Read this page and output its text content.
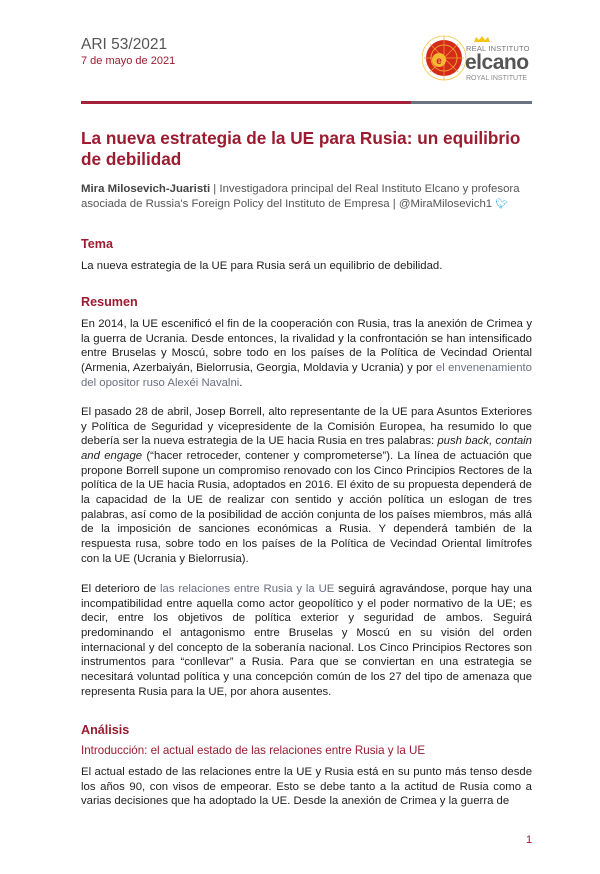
ARI 53/2021
7 de mayo de 2021	e
REAL INSTITUTO
elcano
ROYAL INSTITUTE
La nueva estrategia de la UE para Rusia: un equilibrio de debilidad
Mira Milosevich-Juaristi | Investigadora principal del Real Instituto Elcano y profesora asociada de Russia's Foreign Policy del Instituto de Empresa | @MiraMilosevich1 🐦︎
Tema
La nueva estrategia de la UE para Rusia será un equilibrio de debilidad.
Resumen
En 2014, la UE escenificó el fin de la cooperación con Rusia, tras la anexión de Crimea y la guerra de Ucrania. Desde entonces, la rivalidad y la confrontación se han intensificado entre Bruselas y Moscú, sobre todo en los países de la Política de Vecindad Oriental (Armenia, Azerbaiyán, Bielorrusia, Georgia, Moldavia y Ucrania) y por el envenenamiento del opositor ruso Alexéi Navalni.
El pasado 28 de abril, Josep Borrell, alto representante de la UE para Asuntos Exteriores y Política de Seguridad y vicepresidente de la Comisión Europea, ha resumido lo que debería ser la nueva estrategia de la UE hacia Rusia en tres palabras: push back, contain and engage (“hacer retroceder, contener y comprometerse”). La línea de actuación que propone Borrell supone un compromiso renovado con los Cinco Principios Rectores de la política de la UE hacia Rusia, adoptados en 2016. El éxito de su propuesta dependerá de la capacidad de la UE de realizar con sentido y acción política un eslogan de tres palabras, así como de la posibilidad de acción conjunta de los países miembros, más allá de la imposición de sanciones económicas a Rusia. Y dependerá también de la respuesta rusa, sobre todo en los países de la Política de Vecindad Oriental limítrofes con la UE (Ucrania y Bielorrusia).
El deterioro de las relaciones entre Rusia y la UE seguirá agravándose, porque hay una incompatibilidad entre aquella como actor geopolítico y el poder normativo de la UE; es decir, entre los objetivos de política exterior y seguridad de ambos. Seguirá predominando el antagonismo entre Bruselas y Moscú en su visión del orden internacional y del concepto de la soberanía nacional. Los Cinco Principios Rectores son instrumentos para “conllevar” a Rusia. Para que se conviertan en una estrategia se necesitará voluntad política y una concepción común de los 27 del tipo de amenaza que representa Rusia para la UE, por ahora ausentes.
Análisis
Introducción: el actual estado de las relaciones entre Rusia y la UE
El actual estado de las relaciones entre la UE y Rusia está en su punto más tenso desde los años 90, con visos de empeorar. Esto se debe tanto a la actitud de Rusia como a varias decisiones que ha adoptado la UE. Desde la anexión de Crimea y la guerra de
1
